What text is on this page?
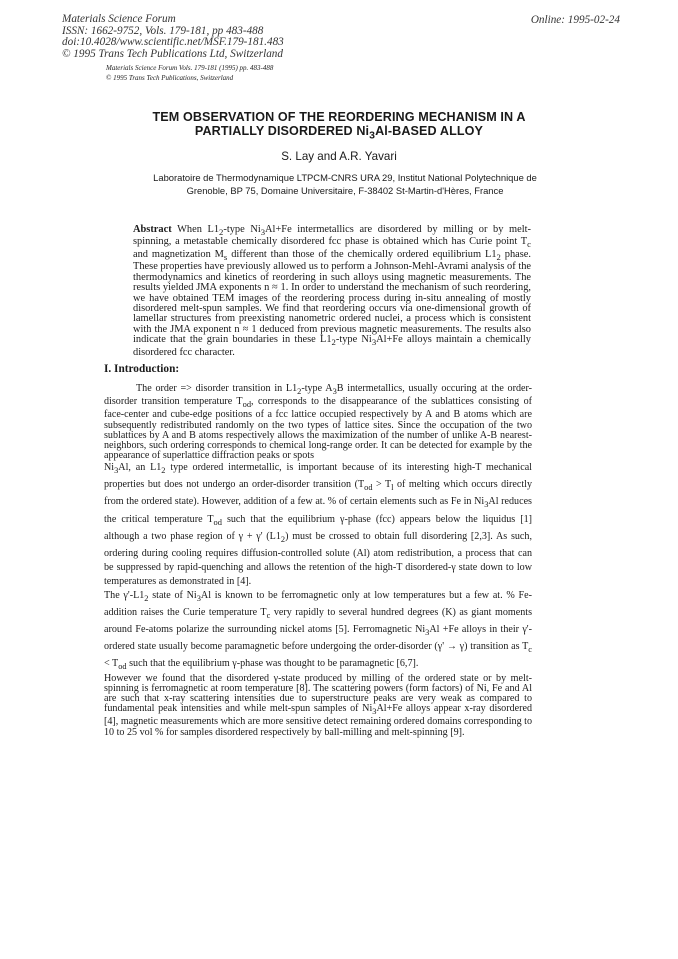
Materials Science Forum
ISSN: 1662-9752, Vols. 179-181, pp 483-488
doi:10.4028/www.scientific.net/MSF.179-181.483
© 1995 Trans Tech Publications Ltd, Switzerland
Online: 1995-02-24
Materials Science Forum Vols. 179-181 (1995) pp. 483-488
© 1995 Trans Tech Publications, Switzerland
TEM OBSERVATION OF THE REORDERING MECHANISM IN A
PARTIALLY DISORDERED $Ni_3Al$-BASED ALLOY
S. Lay and A.R. Yavari
Laboratoire de Thermodynamique LTPCM-CNRS URA 29, Institut National Polytechnique de
Grenoble, BP 75, Domaine Universitaire, F-38402 St-Martin-d'Hères, France
Abstract When $L1_2$-type $Ni_3Al+Fe$ intermetallics are disordered by milling or by melt-spinning, a metastable chemically disordered fcc phase is obtained which has Curie point $T_c$ and magnetization $M_s$ different than those of the chemically ordered equilibrium $L1_2$ phase. These properties have previously allowed us to perform a Johnson-Mehl-Avrami analysis of the thermodynamics and kinetics of reordering in such alloys using magnetic measurements. The results yielded JMA exponents n ≈ 1. In order to understand the mechanism of such reordering, we have obtained TEM images of the reordering process during in-situ annealing of mostly disordered melt-spun samples. We find that reordering occurs via one-dimensional growth of lamellar structures from preexisting nanometric ordered nuclei, a process which is consistent with the JMA exponent n ≈ 1 deduced from previous magnetic measurements. The results also indicate that the grain boundaries in these $L1_2$-type $Ni_3Al+Fe$ alloys maintain a chemically disordered fcc character.
I. Introduction:

The order => disorder transition in $L1_2$-type $A_3B$ intermetallics, usually occuring at the order-disorder transition temperature $T_{od}$, corresponds to the disappearance of the sublattices consisting of face-center and cube-edge positions of a fcc lattice occupied respectively by A and B atoms which are subsequently redistributed randomly on the two types of lattice sites. Since the occupation of the two sublattices by A and B atoms respectively allows the maximization of the number of unlike A-B nearest-neighbors, such ordering corresponds to chemical long-range order. It can be detected for example by the appearance of superlattice diffraction peaks or spots

$Ni_3Al$, an $L1_2$ type ordered intermetallic, is important because of its interesting high-T mechanical properties but does not undergo an order-disorder transition ($T_{od} > T_l$ of melting which occurs directly from the ordered state). However, addition of a few at. % of certain elements such as Fe in $Ni_3Al$ reduces the critical temperature $T_{od}$ such that the equilibrium γ-phase (fcc) appears below the liquidus [1] although a two phase region of γ + γ' $(L1_2)$ must be crossed to obtain full disordering [2,3]. As such, ordering during cooling requires diffusion-controlled solute (Al) atom redistribution, a process that can be suppressed by rapid-quenching and allows the retention of the high-T disordered-γ state down to low temperatures as demonstrated in [4].

The $\gamma'-L1_2$ state of $Ni_3Al$ is known to be ferromagnetic only at low temperatures but a few at. % Fe-addition raises the Curie temperature $T_c$ very rapidly to several hundred degrees (K) as giant moments around Fe-atoms polarize the surrounding nickel atoms [5]. Ferromagnetic $Ni_3Al +Fe$ alloys in their γ'-ordered state usually become paramagnetic before undergoing the order-disorder (γ' → γ) transition as $T_c < T_{od}$ such that the equilibrium γ-phase was thought to be paramagnetic [6,7].

However we found that the disordered γ-state produced by milling of the ordered state or by melt-spinning is ferromagnetic at room temperature [8]. The scattering powers (form factors) of Ni, Fe and Al are such that x-ray scattering intensities due to superstructure peaks are very weak as compared to fundamental peak intensities and while melt-spun samples of $Ni_3Al+Fe$ alloys appear x-ray disordered [4], magnetic measurements which are more sensitive detect remaining ordered domains corresponding to 10 to 25 vol % for samples disordered respectively by ball-milling and melt-spinning [9].
